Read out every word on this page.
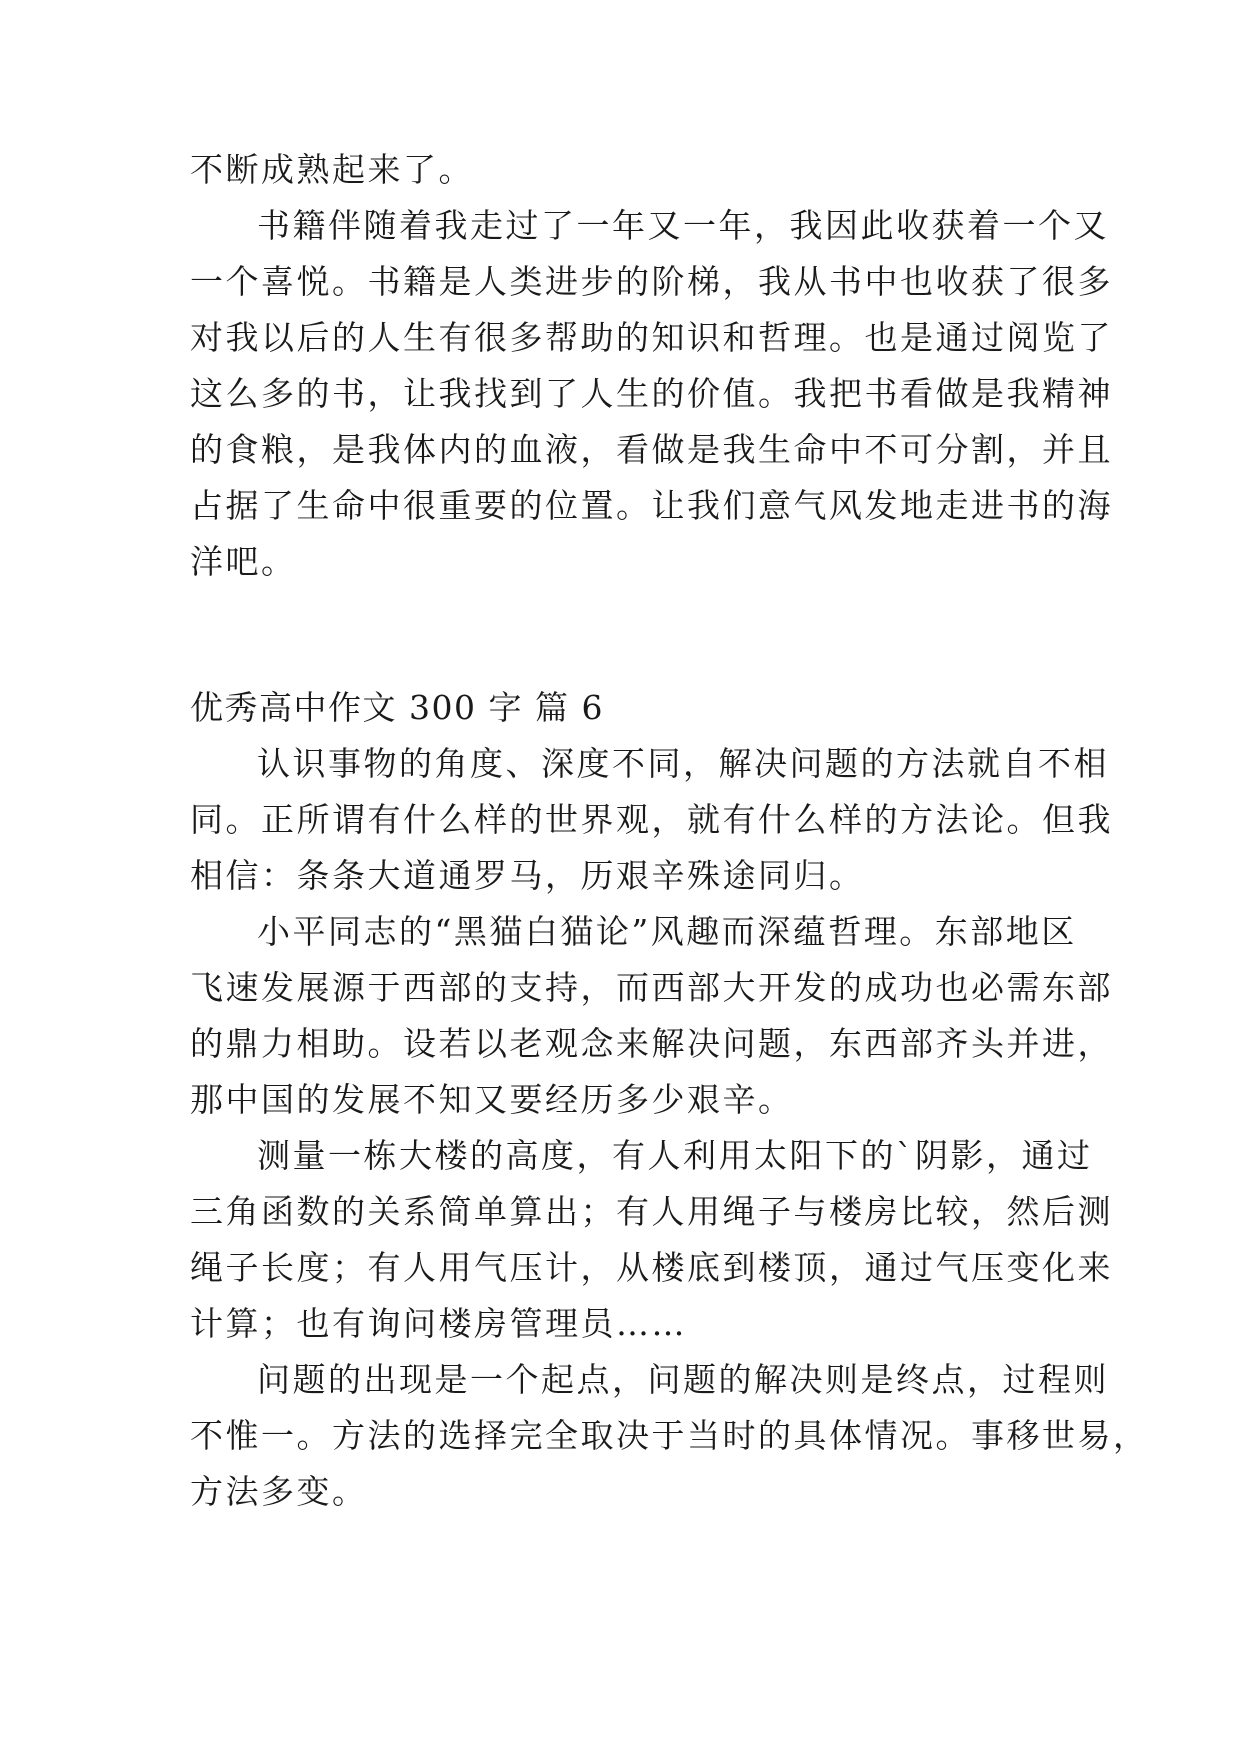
不断成熟起来了。
书籍伴随着我走过了一年又一年，我因此收获着一个又
一个喜悦。书籍是人类进步的阶梯，我从书中也收获了很多
对我以后的人生有很多帮助的知识和哲理。也是通过阅览了
这么多的书，让我找到了人生的价值。我把书看做是我精神
的食粮，是我体内的血液，看做是我生命中不可分割，并且
占据了生命中很重要的位置。让我们意气风发地走进书的海
洋吧。
优秀高中作文 300 字 篇 6
认识事物的角度、深度不同，解决问题的方法就自不相
同。正所谓有什么样的世界观，就有什么样的方法论。但我
相信：条条大道通罗马，历艰辛殊途同归。
小平同志的“黑猫白猫论”风趣而深蕴哲理。东部地区
飞速发展源于西部的支持，而西部大开发的成功也必需东部
的鼎力相助。设若以老观念来解决问题，东西部齐头并进，
那中国的发展不知又要经历多少艰辛。
测量一栋大楼的高度，有人利用太阳下的`阴影，通过
三角函数的关系简单算出；有人用绳子与楼房比较，然后测
绳子长度；有人用气压计，从楼底到楼顶，通过气压变化来
计算；也有询问楼房管理员……
问题的出现是一个起点，问题的解决则是终点，过程则
不惟一。方法的选择完全取决于当时的具体情况。事移世易，
方法多变。
